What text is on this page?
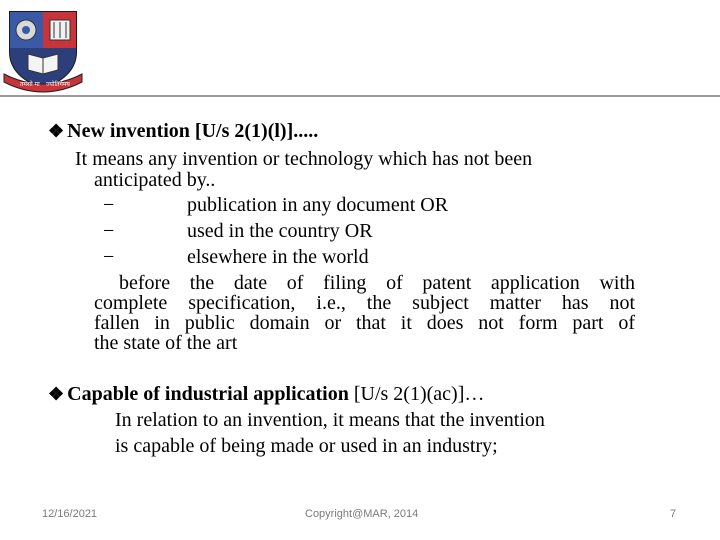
तमसो मा ज्योतिर्गमय
❖ New invention [U/s 2(1)(l)].....
It means any invention or technology which has not been
anticipated by..
−	publication in any document OR
−	used in the country OR
−	elsewhere in the world
before the date of filing of patent application with
complete specification, i.e., the subject matter has not
fallen in public domain or that it does not form part of
the state of the art
❖ Capable of industrial application [U/s 2(1)(ac)]…
In relation to an invention, it means that the invention
is capable of being made or used in an industry;
12/16/2021	Copyright@MAR, 2014	7
